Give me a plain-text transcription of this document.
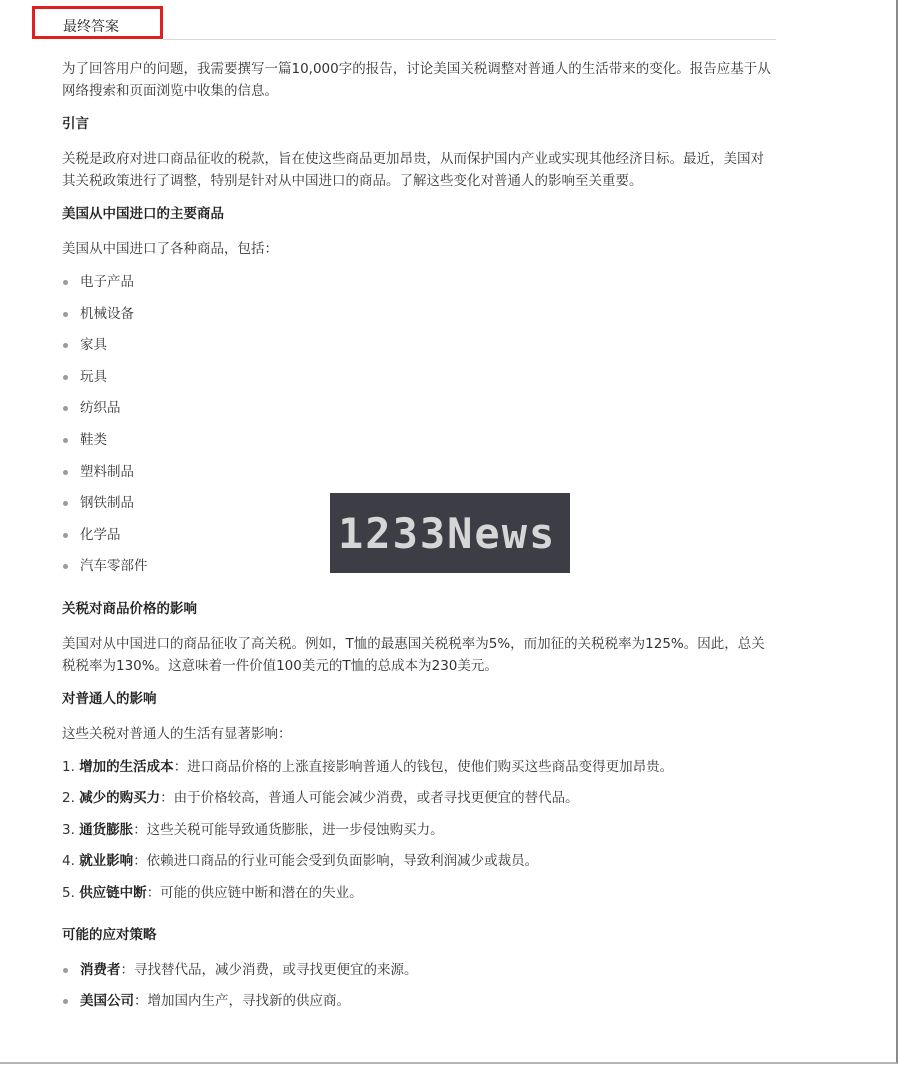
最终答案

为了回答用户的问题，我需要撰写一篇10,000字的报告，讨论美国关税调整对普通人的生活带来的变化。报告应基于从网络搜索和页面浏览中收集的信息。

引言

关税是政府对进口商品征收的税款，旨在使这些商品更加昂贵，从而保护国内产业或实现其他经济目标。最近，美国对其关税政策进行了调整，特别是针对从中国进口的商品。了解这些变化对普通人的影响至关重要。

美国从中国进口的主要商品

美国从中国进口了各种商品，包括：

电子产品
机械设备
家具
玩具
纺织品
鞋类
塑料制品
钢铁制品
化学品
汽车零部件
关税对商品价格的影响

美国对从中国进口的商品征收了高关税。例如，T恤的最惠国关税税率为5%，而加征的关税税率为125%。因此，总关税税率为130%。这意味着一件价值100美元的T恤的总成本为230美元。

对普通人的影响

这些关税对普通人的生活有显著影响：

1. 增加的生活成本：进口商品价格的上涨直接影响普通人的钱包，使他们购买这些商品变得更加昂贵。
2. 减少的购买力：由于价格较高，普通人可能会减少消费，或者寻找更便宜的替代品。
3. 通货膨胀：这些关税可能导致通货膨胀，进一步侵蚀购买力。
4. 就业影响：依赖进口商品的行业可能会受到负面影响，导致利润减少或裁员。
5. 供应链中断：可能的供应链中断和潜在的失业。
可能的应对策略
消费者：寻找替代品，减少消费，或寻找更便宜的来源。
美国公司：增加国内生产，寻找新的供应商。
1233News
